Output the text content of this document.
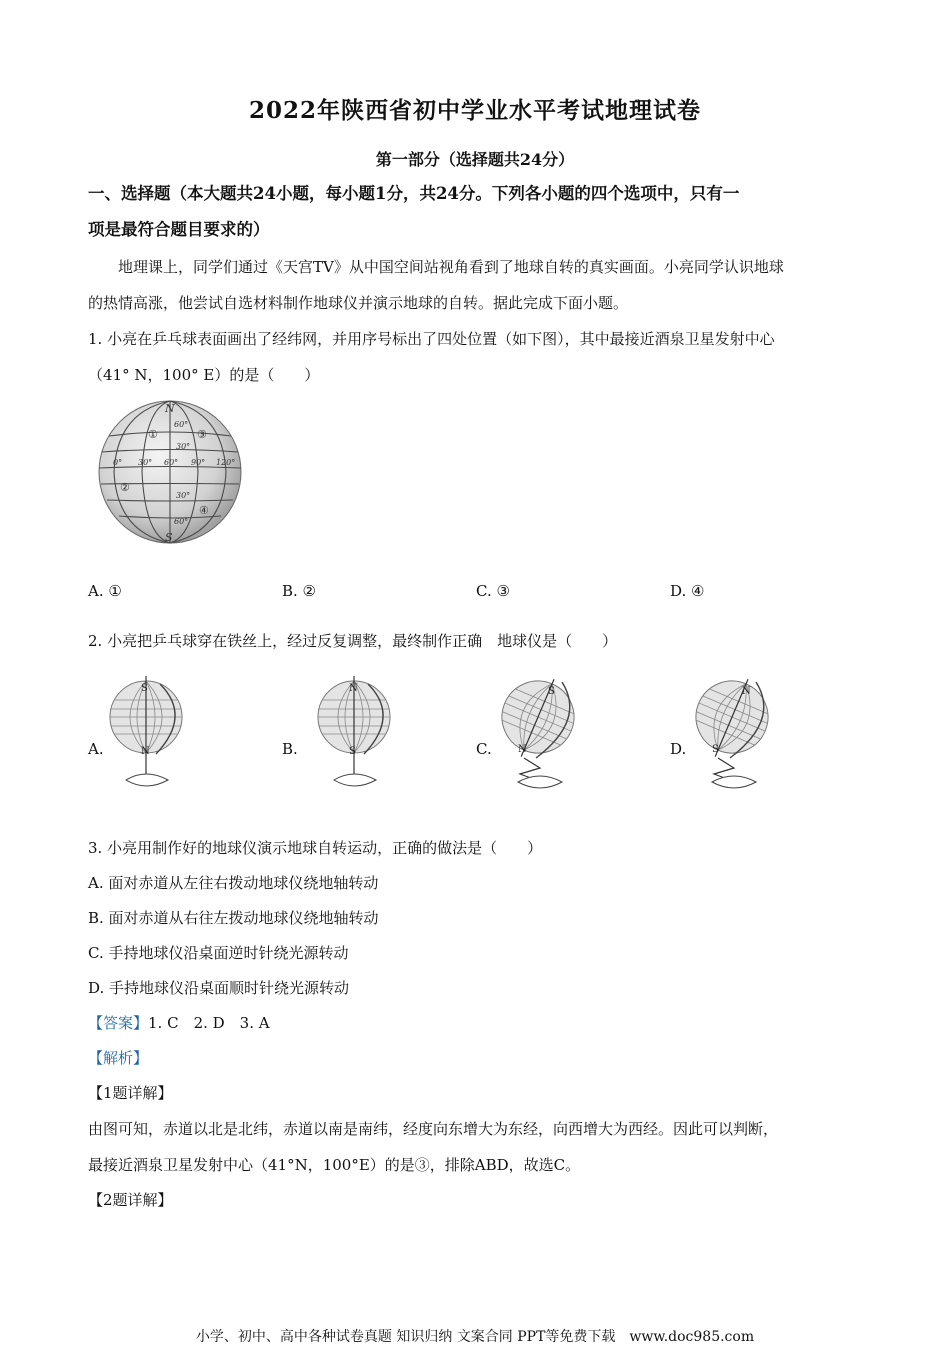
2022年陕西省初中学业水平考试地理试卷
第一部分（选择题共24分）
一、选择题（本大题共24小题，每小题1分，共24分。下列各小题的四个选项中，只有一
项是最符合题目要求的）
地理课上，同学们通过《天宫TV》从中国空间站视角看到了地球自转的真实画面。小亮同学认识地球
的热情高涨，他尝试自选材料制作地球仪并演示地球的自转。据此完成下面小题。
1. 小亮在乒乓球表面画出了经纬网，并用序号标出了四处位置（如下图），其中最接近酒泉卫星发射中心
（41° N，100° E）的是（　　）
N
S
60°
30°
30°
60°
0° 30° 60° 90° 120°
①
②
③
④
A. ①	B. ②	C. ③	D. ④
2. 小亮把乒乓球穿在铁丝上，经过反复调整，最终制作正确　地球仪是（　　）
A.	B.	C.	D.
S
N
N
S
S
N
N
S
3. 小亮用制作好的地球仪演示地球自转运动，正确的做法是（　　）
A. 面对赤道从左往右拨动地球仪绕地轴转动
B. 面对赤道从右往左拨动地球仪绕地轴转动
C. 手持地球仪沿桌面逆时针绕光源转动
D. 手持地球仪沿桌面顺时针绕光源转动
【答案】1. C　2. D　3. A
【解析】
【1题详解】
由图可知，赤道以北是北纬，赤道以南是南纬，经度向东增大为东经，向西增大为西经。因此可以判断，
最接近酒泉卫星发射中心（41°N，100°E）的是③，排除ABD，故选C。
【2题详解】
小学、初中、高中各种试卷真题 知识归纳 文案合同 PPT等免费下载　www.doc985.com
